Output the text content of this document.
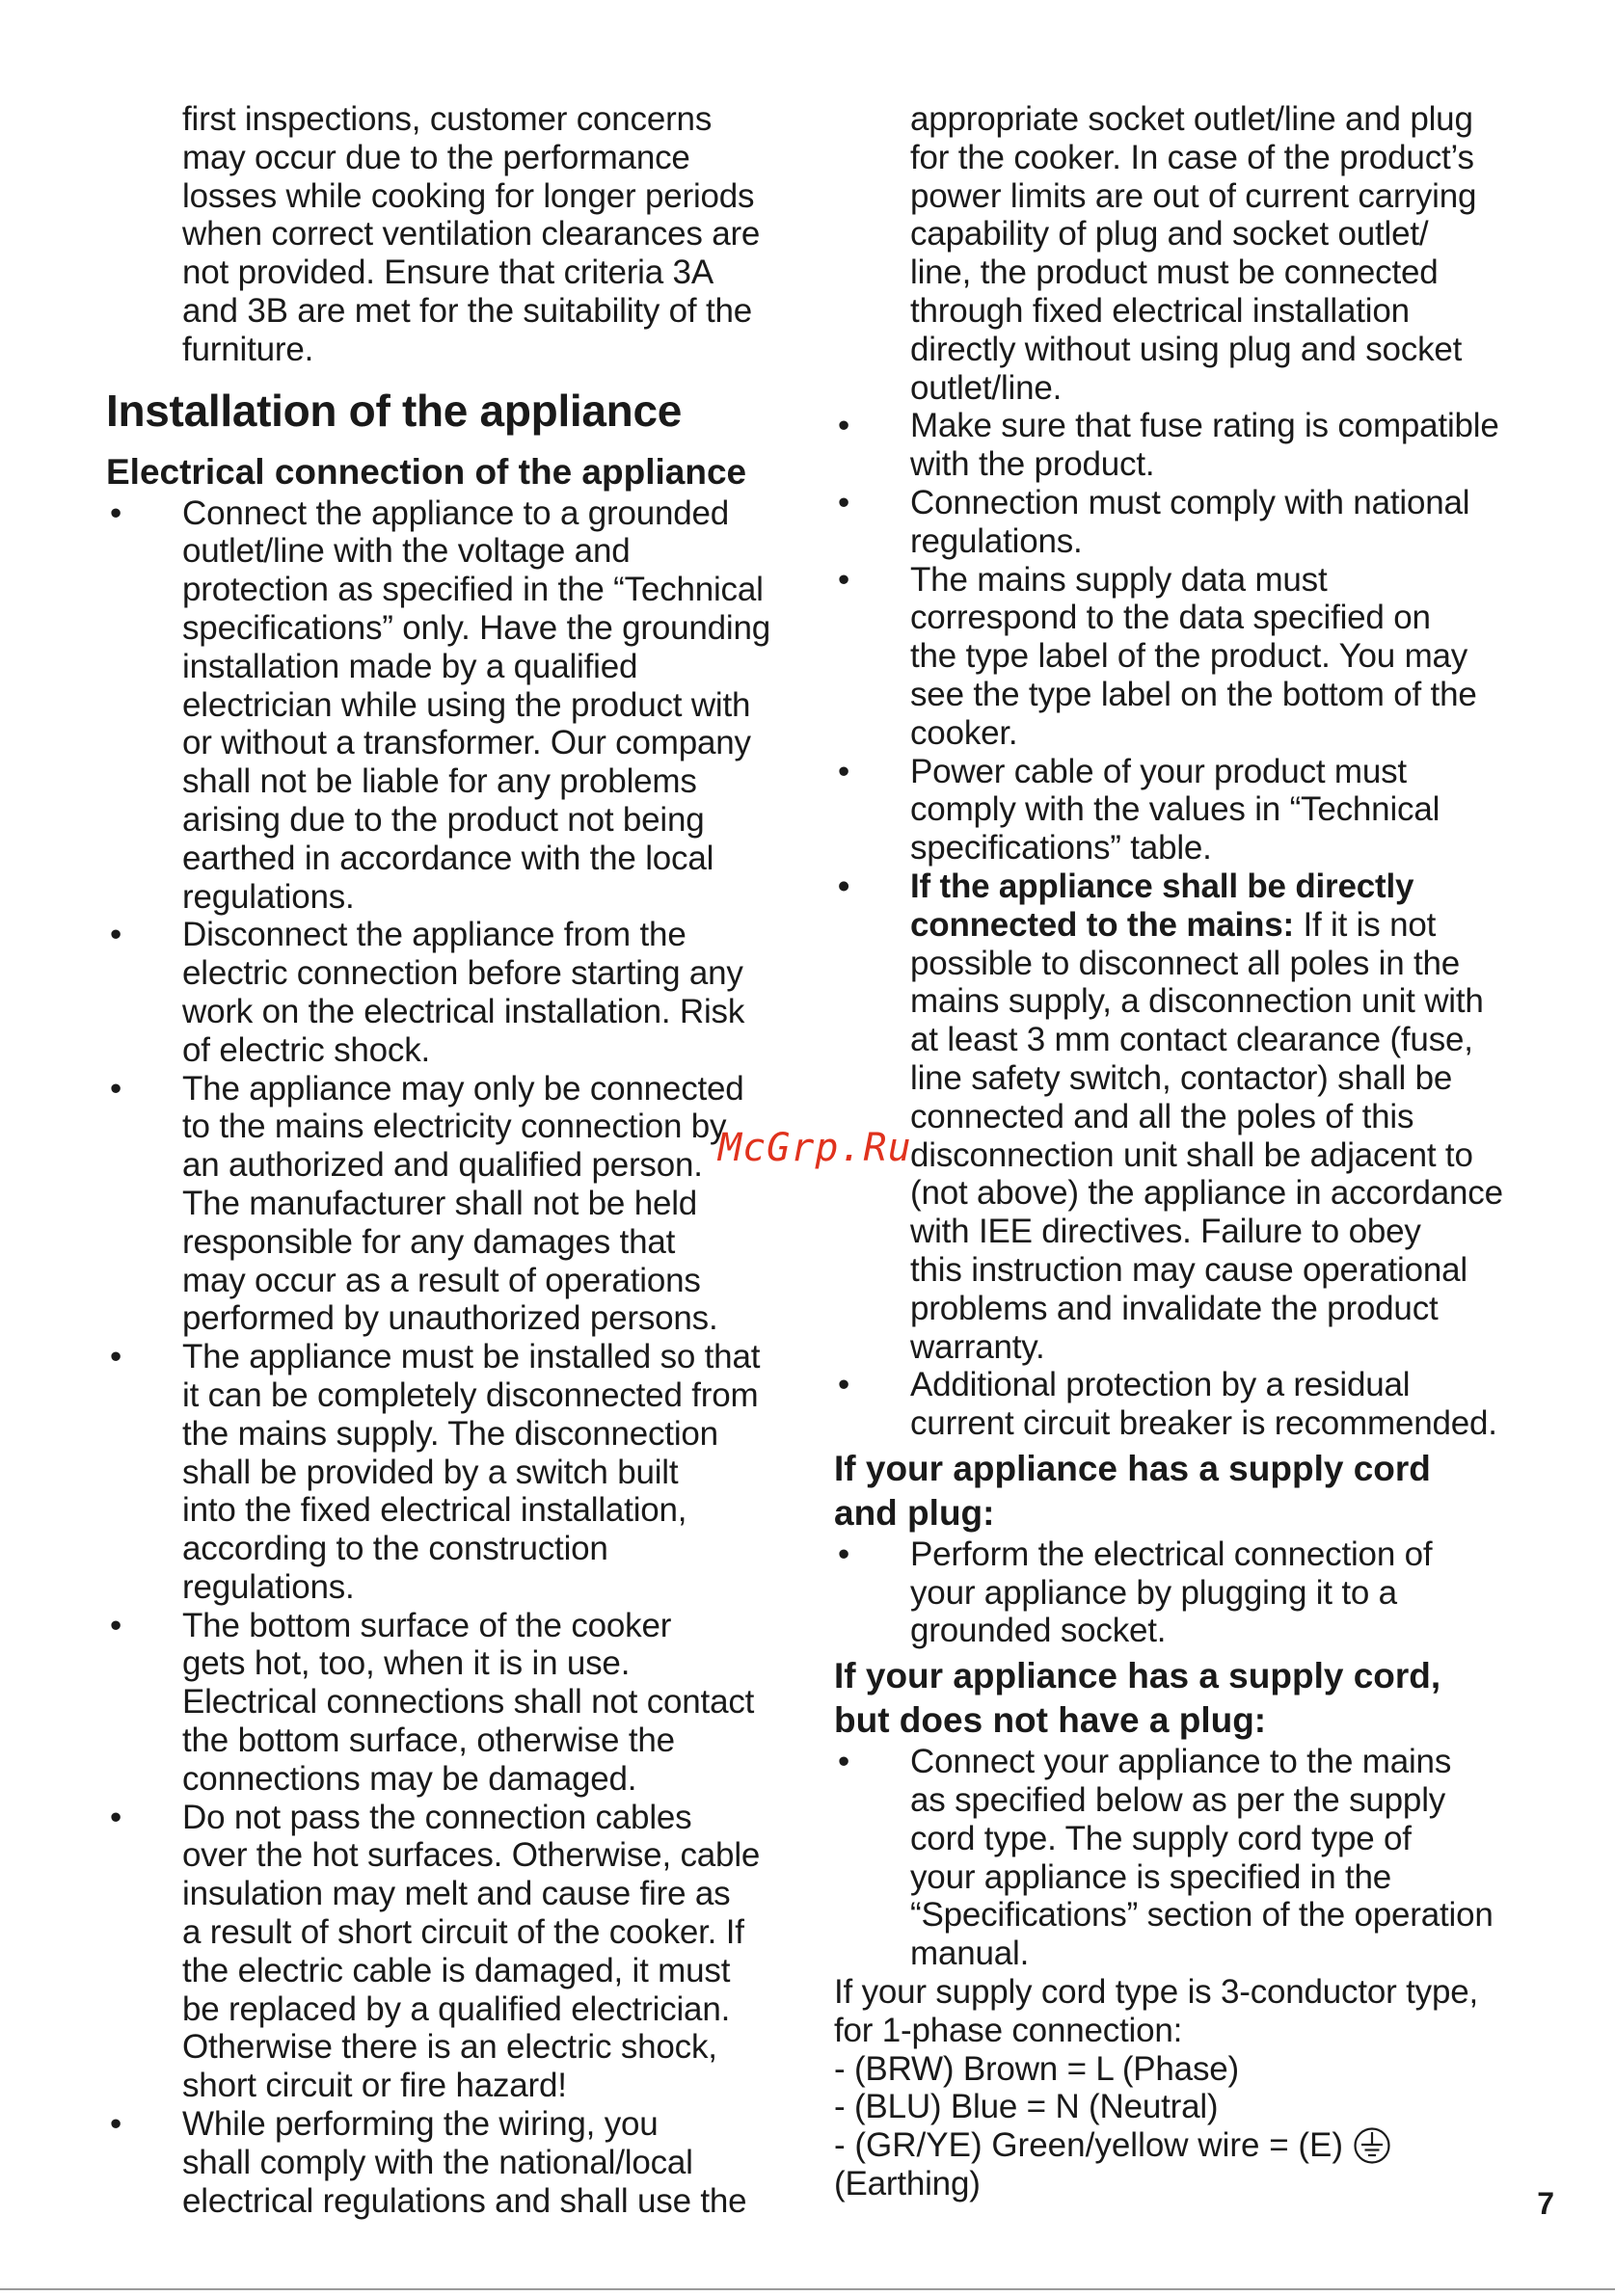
first inspections, customer concerns
may occur due to the performance
losses while cooking for longer periods
when correct ventilation clearances are
not provided. Ensure that criteria 3A
and 3B are met for the suitability of the
furniture.

Installation of the appliance
Electrical connection of the appliance
• Connect the appliance to a grounded
outlet/line with the voltage and
protection as specified in the “Technical
specifications” only. Have the grounding
installation made by a qualified
electrician while using the product with
or without a transformer. Our company
shall not be liable for any problems
arising due to the product not being
earthed in accordance with the local
regulations.
• Disconnect the appliance from the
electric connection before starting any
work on the electrical installation. Risk
of electric shock.
• The appliance may only be connected
to the mains electricity connection by
an authorized and qualified person.
The manufacturer shall not be held
responsible for any damages that
may occur as a result of operations
performed by unauthorized persons.
• The appliance must be installed so that
it can be completely disconnected from
the mains supply. The disconnection
shall be provided by a switch built
into the fixed electrical installation,
according to the construction
regulations.
• The bottom surface of the cooker
gets hot, too, when it is in use.
Electrical connections shall not contact
the bottom surface, otherwise the
connections may be damaged.
• Do not pass the connection cables
over the hot surfaces. Otherwise, cable
insulation may melt and cause fire as
a result of short circuit of the cooker. If
the electric cable is damaged, it must
be replaced by a qualified electrician.
Otherwise there is an electric shock,
short circuit or fire hazard!
• While performing the wiring, you
shall comply with the national/local
electrical regulations and shall use the

appropriate socket outlet/line and plug
for the cooker. In case of the product’s
power limits are out of current carrying
capability of plug and socket outlet/
line, the product must be connected
through fixed electrical installation
directly without using plug and socket
outlet/line.

• Make sure that fuse rating is compatible
with the product.
• Connection must comply with national
regulations.
• The mains supply data must
correspond to the data specified on
the type label of the product. You may
see the type label on the bottom of the
cooker.
• Power cable of your product must
comply with the values in “Technical
specifications” table.
• If the appliance shall be directly
connected to the mains: If it is not
possible to disconnect all poles in the
mains supply, a disconnection unit with
at least 3 mm contact clearance (fuse,
line safety switch, contactor) shall be
connected and all the poles of this
disconnection unit shall be adjacent to
(not above) the appliance in accordance
with IEE directives. Failure to obey
this instruction may cause operational
problems and invalidate the product
warranty.
• Additional protection by a residual
current circuit breaker is recommended.
If your appliance has a supply cord
and plug:
• Perform the electrical connection of
your appliance by plugging it to a
grounded socket.
If your appliance has a supply cord,
but does not have a plug:
• Connect your appliance to the mains
as specified below as per the supply
cord type. The supply cord type of
your appliance is specified in the
“Specifications” section of the operation
manual.

If your supply cord type is 3-conductor type,
for 1-phase connection:

- (BRW) Brown = L (Phase)
- (BLU) Blue = N (Neutral)
- (GR/YE) Green/yellow wire = (E)
(Earthing)
McGrp.Ru
7
